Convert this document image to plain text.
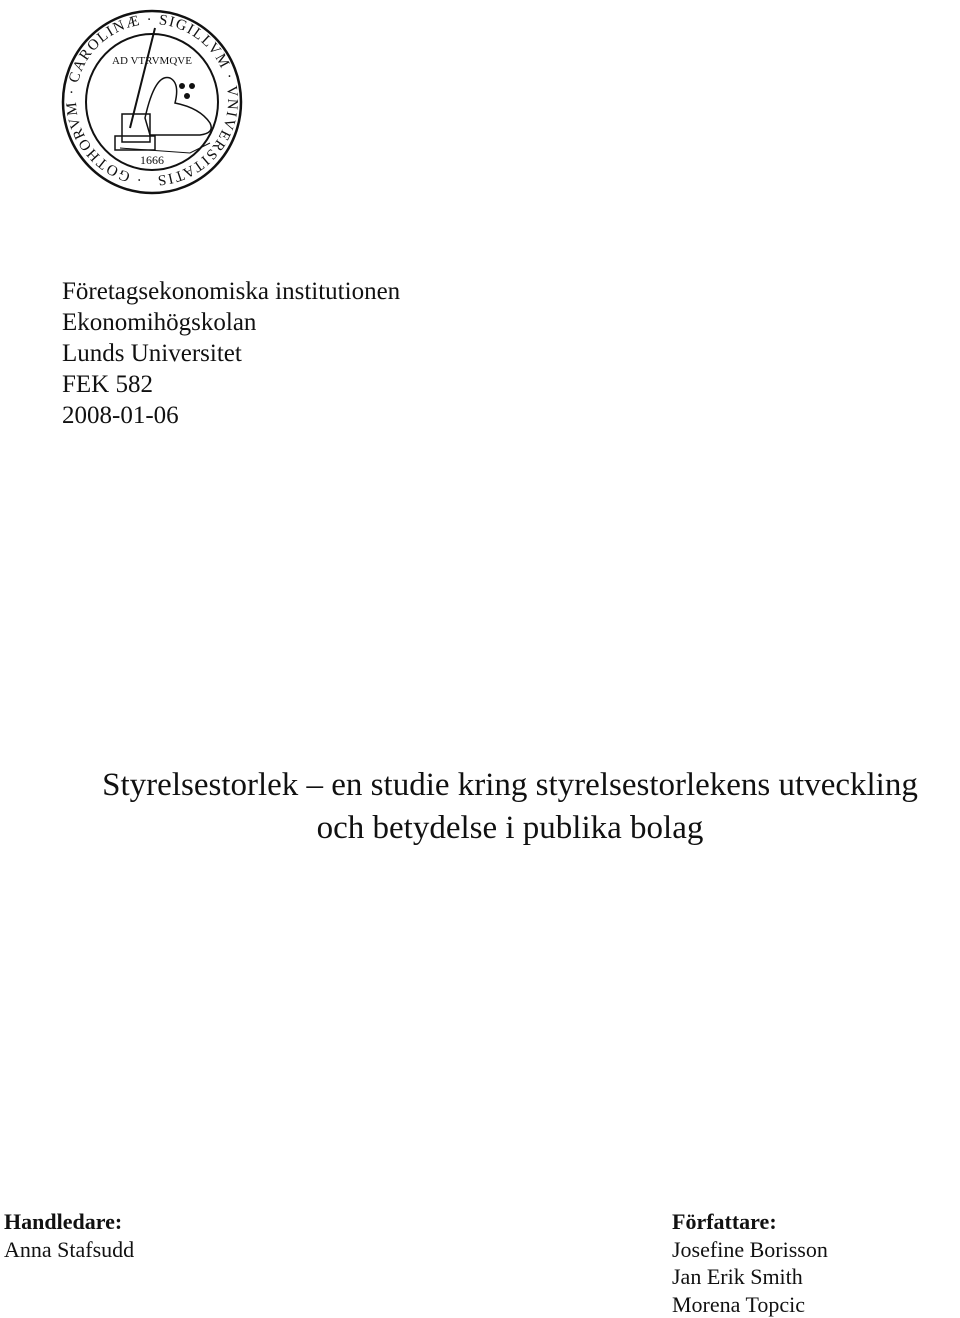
· GOTHORVM · CAROLINÆ · SIGILLVM · VNIVERSITATIS
AD VTRVMQVE
1666
Företagsekonomiska institutionen
Ekonomihögskolan
Lunds Universitet
FEK 582
2008-01-06
Styrelsestorlek – en studie kring styrelsestorlekens utveckling
och betydelse i publika bolag
Handledare:
Anna Stafsudd
Författare:
Josefine Borisson
Jan Erik Smith
Morena Topcic
